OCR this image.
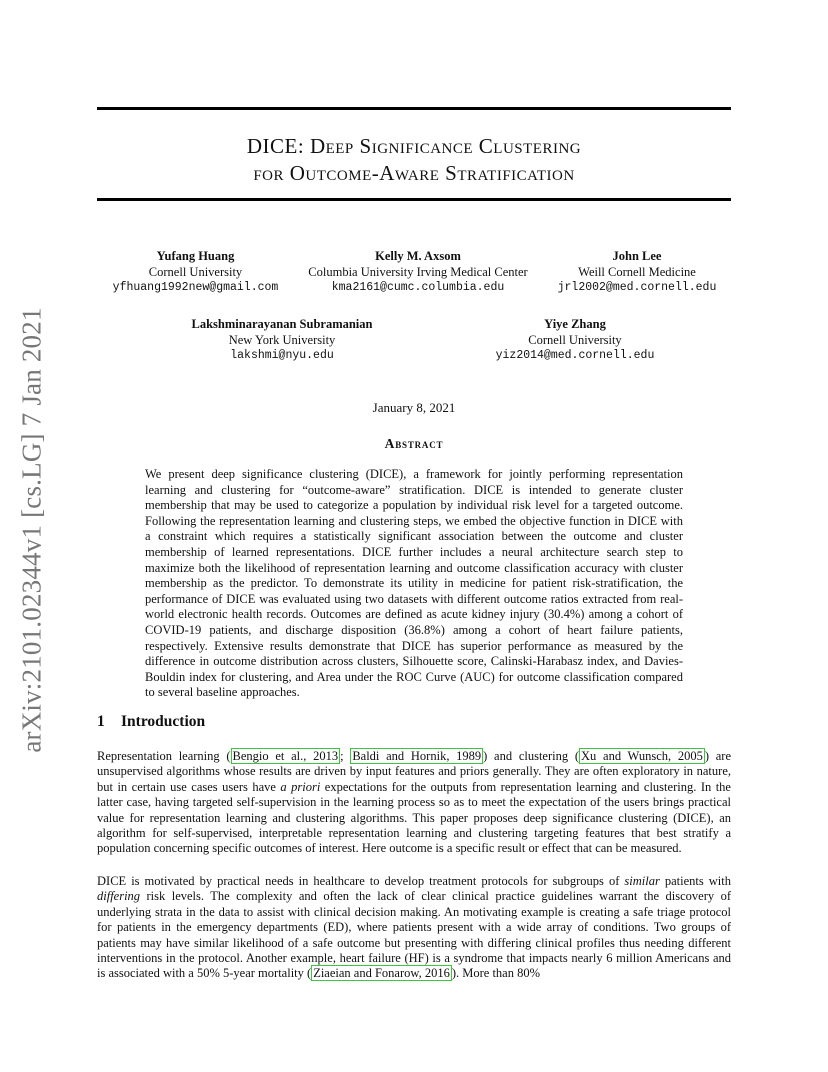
arXiv:2101.02344v1 [cs.LG] 7 Jan 2021
DICE: Deep Significance Clustering
for Outcome-Aware Stratification
Yufang Huang
Cornell University
yfhuang1992new@gmail.com
Kelly M. Axsom
Columbia University Irving Medical Center
kma2161@cumc.columbia.edu
John Lee
Weill Cornell Medicine
jrl2002@med.cornell.edu
Lakshminarayanan Subramanian
New York University
lakshmi@nyu.edu
Yiye Zhang
Cornell University
yiz2014@med.cornell.edu
January 8, 2021
Abstract

We present deep significance clustering (DICE), a framework for jointly performing representation learning and clustering for “outcome-aware” stratification. DICE is intended to generate cluster membership that may be used to categorize a population by individual risk level for a targeted outcome. Following the representation learning and clustering steps, we embed the objective function in DICE with a constraint which requires a statistically significant association between the outcome and cluster membership of learned representations. DICE further includes a neural architecture search step to maximize both the likelihood of representation learning and outcome classification accuracy with cluster membership as the predictor. To demonstrate its utility in medicine for patient risk-stratification, the performance of DICE was evaluated using two datasets with different outcome ratios extracted from real-world electronic health records. Outcomes are defined as acute kidney injury (30.4%) among a cohort of COVID-19 patients, and discharge disposition (36.8%) among a cohort of heart failure patients, respectively. Extensive results demonstrate that DICE has superior performance as measured by the difference in outcome distribution across clusters, Silhouette score, Calinski-Harabasz index, and Davies-Bouldin index for clustering, and Area under the ROC Curve (AUC) for outcome classification compared to several baseline approaches.

1 Introduction

Representation learning ( Bengio et al., 2013 ; Baldi and Hornik, 1989 ) and clustering ( Xu and Wunsch, 2005 ) are unsupervised algorithms whose results are driven by input features and priors generally. They are often exploratory in nature, but in certain use cases users have a priori expectations for the outputs from representation learning and clustering. In the latter case, having targeted self-supervision in the learning process so as to meet the expectation of the users brings practical value for representation learning and clustering algorithms. This paper proposes deep significance clustering (DICE), an algorithm for self-supervised, interpretable representation learning and clustering targeting features that best stratify a population concerning specific outcomes of interest. Here outcome is a specific result or effect that can be measured.

DICE is motivated by practical needs in healthcare to develop treatment protocols for subgroups of similar patients with differing risk levels. The complexity and often the lack of clear clinical practice guidelines warrant the discovery of underlying strata in the data to assist with clinical decision making. An motivating example is creating a safe triage protocol for patients in the emergency departments (ED), where patients present with a wide array of conditions. Two groups of patients may have similar likelihood of a safe outcome but presenting with differing clinical profiles thus needing different interventions in the protocol. Another example, heart failure (HF) is a syndrome that impacts nearly 6 million Americans and is associated with a 50% 5-year mortality ( Ziaeian and Fonarow, 2016 ). More than 80%
